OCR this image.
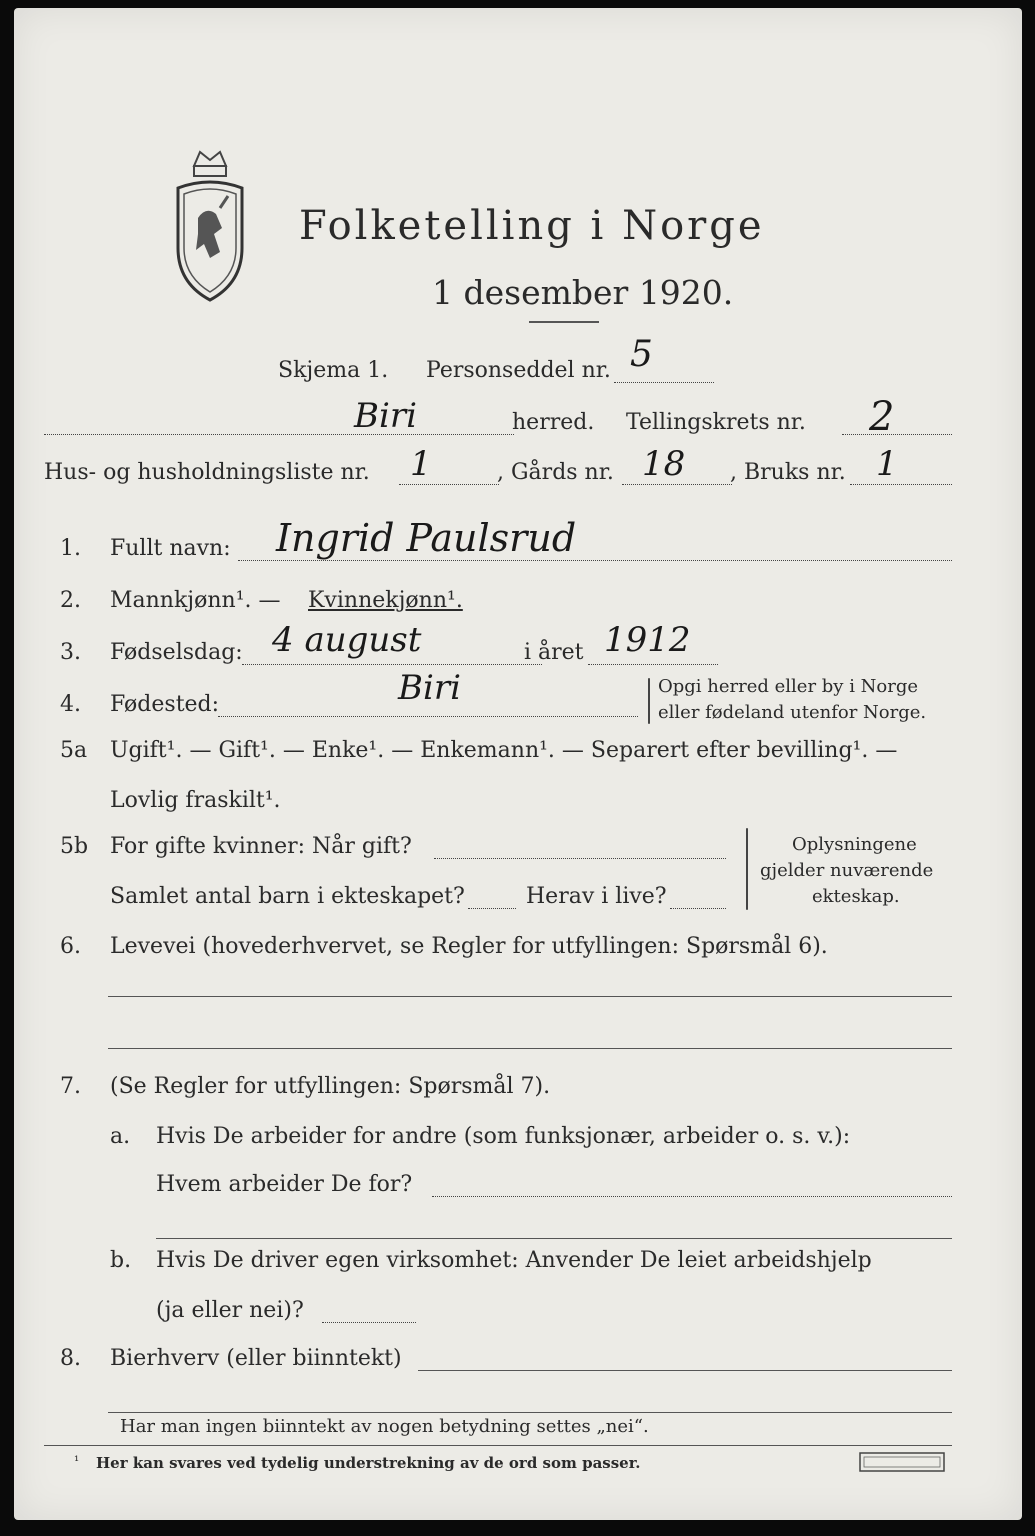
Folketelling i Norge
1 desember 1920.
Skjema 1. Personseddel nr. 5
Biri	herred. Tellingskrets nr. 2
Hus- og husholdningsliste nr. 1	, Gårds nr. 18 , Bruks nr. 1
1. Fullt navn: Ingrid Paulsrud
2. Mannkjønn¹. — Kvinnekjønn¹.
3. Fødselsdag: 4 august	i året 1912
4. Fødested:	Biri	Opgi herred eller by i Norge
eller fødeland utenfor Norge.
5a Ugift¹. — Gift¹. — Enke¹. — Enkemann¹. — Separert efter bevilling¹. —
Lovlig fraskilt¹.
5b For gifte kvinner: Når gift?
Samlet antal barn i ekteskapet?	Herav i live?
Oplysningene
gjelder nuværende
ekteskap.
6. Levevei (hovederhvervet, se Regler for utfyllingen: Spørsmål 6).
7. (Se Regler for utfyllingen: Spørsmål 7).
a. Hvis De arbeider for andre (som funksjonær, arbeider o. s. v.):
Hvem arbeider De for?
b. Hvis De driver egen virksomhet: Anvender De leiet arbeidshjelp
(ja eller nei)?
8. Bierhverv (eller biinntekt)
Har man ingen biinntekt av nogen betydning settes „nei“.
¹ Her kan svares ved tydelig understrekning av de ord som passer.
